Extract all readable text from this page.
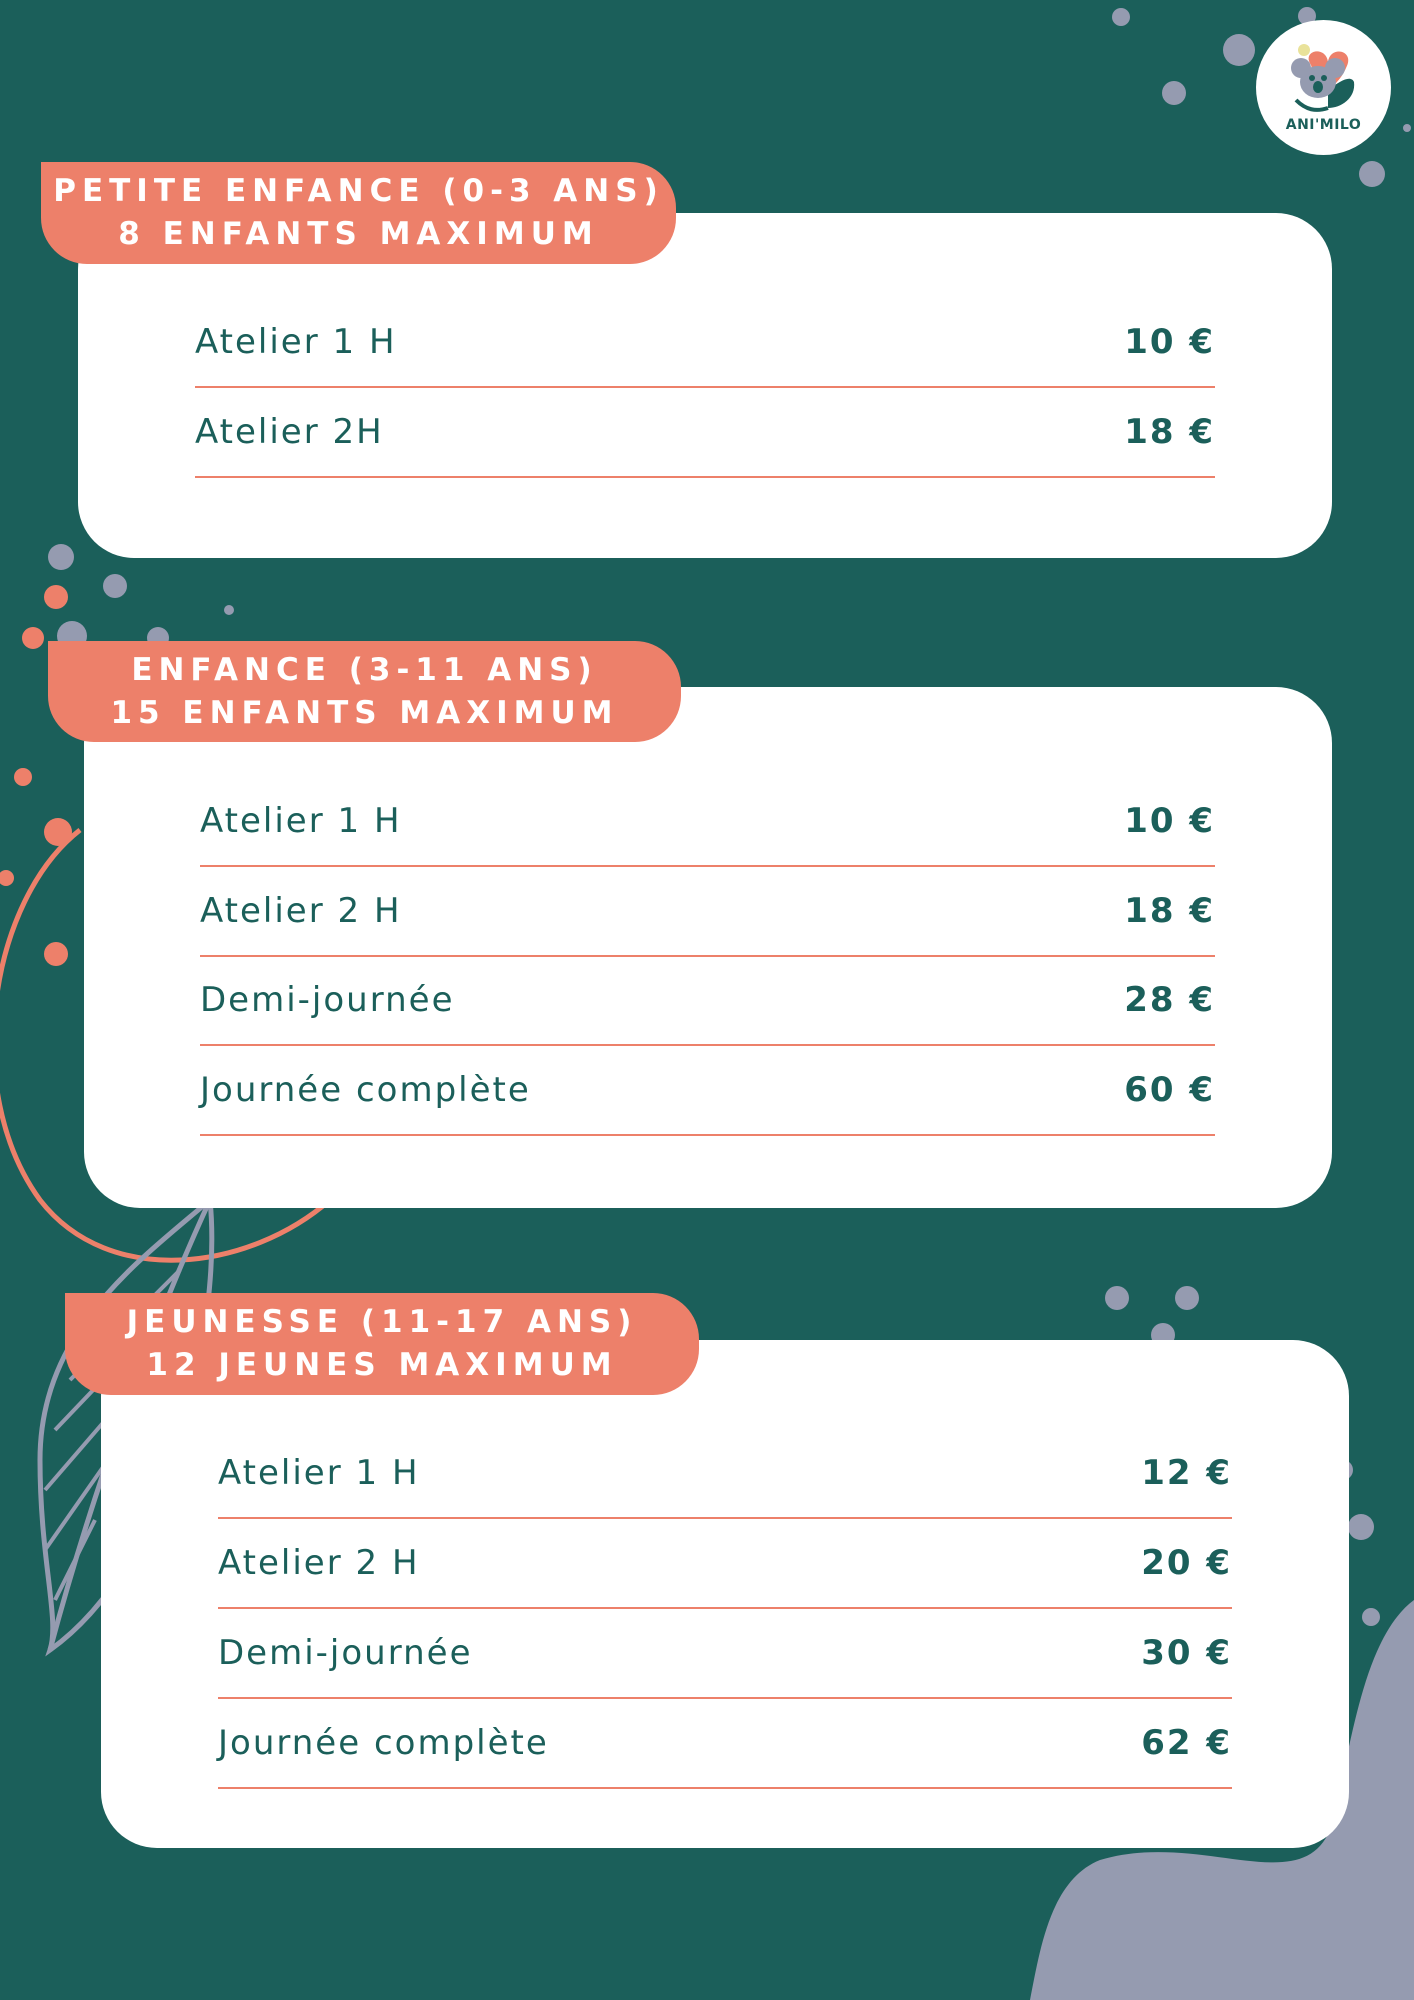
ANI'MILO
PETITE ENFANCE (0-3 ANS)
8 ENFANTS MAXIMUM
Atelier 1 H	10 €
Atelier 2H	18 €
ENFANCE (3-11 ANS)
15 ENFANTS MAXIMUM
Atelier 1 H	10 €
Atelier 2 H	18 €
Demi-journée	28 €
Journée complète	60 €
JEUNESSE (11-17 ANS)
12 JEUNES MAXIMUM
Atelier 1 H	12 €
Atelier 2 H	20 €
Demi-journée	30 €
Journée complète	62 €
